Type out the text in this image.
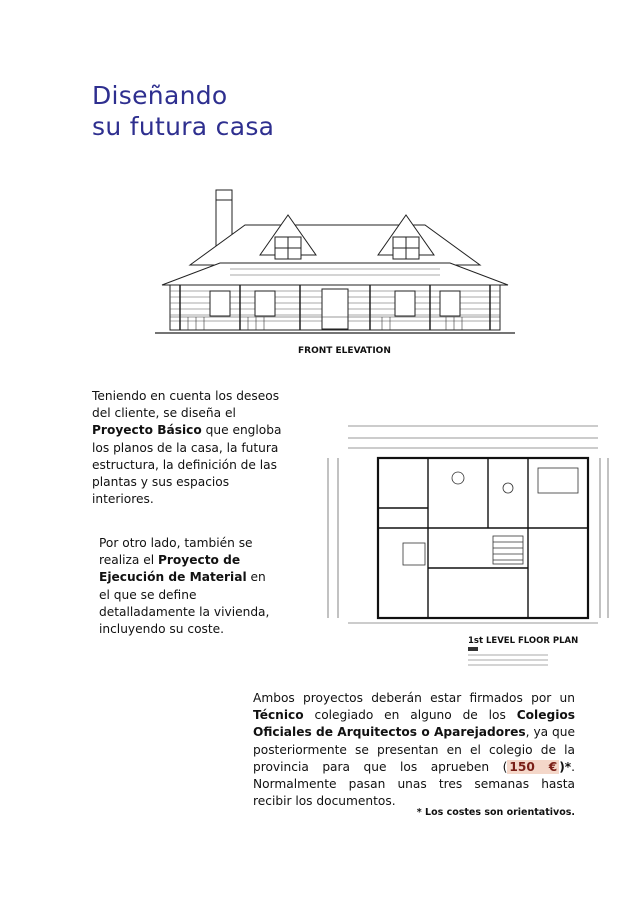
Diseñando
su futura casa
FRONT ELEVATION
1st LEVEL FLOOR PLAN
Teniendo en cuenta los deseos del cliente, se diseña el Proyecto Básico que engloba los planos de la casa, la futura estructura, la definición de las plantas y sus espacios interiores.
Por otro lado, también se realiza el Proyecto de Ejecución de Material en el que se define detalladamente la vivienda, incluyendo su coste.
Ambos proyectos deberán estar firmados por un Técnico colegiado en alguno de los Colegios Oficiales de Arquitectos o Aparejadores, ya que posteriormente se presentan en el colegio de la provincia para que los aprueben ( 150 € )*. Normalmente pasan unas tres semanas hasta recibir los documentos.
* Los costes son orientativos.
